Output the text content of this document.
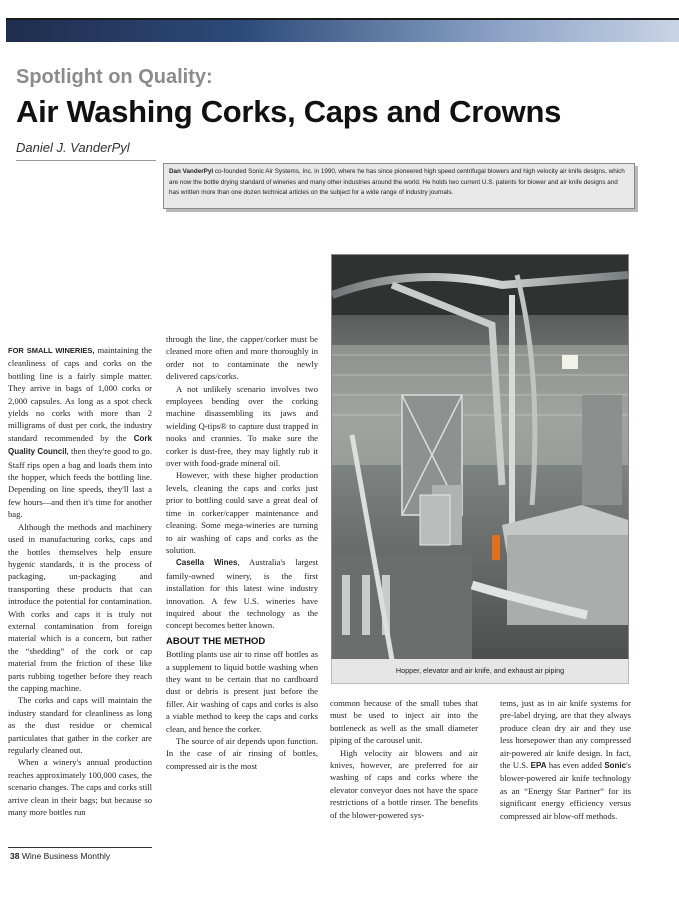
Spotlight on Quality:
Air Washing Corks, Caps and Crowns
Daniel J. VanderPyl
Dan VanderPyl co-founded Sonic Air Systems, Inc. in 1990, where he has since pioneered high speed centrifugal blowers and high velocity air knife designs, which are now the bottle drying standard of wineries and many other industries around the world. He holds two current U.S. patents for blower and air knife designs and has written more than one dozen technical articles on the subject for a wide range of industry journals.

FOR SMALL WINERIES, maintaining the cleanliness of caps and corks on the bottling line is a fairly simple matter. They arrive in bags of 1,000 corks or 2,000 capsules. As long as a spot check yields no corks with more than 2 milligrams of dust per cork, the industry standard recommended by the Cork Quality Council, then they're good to go. Staff rips open a bag and loads them into the hopper, which feeds the bottling line. Depending on line speeds, they'll last a few hours—and then it's time for another bag.

Although the methods and machinery used in manufacturing corks, caps and the bottles themselves help ensure hygenic standards, it is the process of packaging, un-packaging and transporting these products that can introduce the potential for contamination. With corks and caps it is truly not external contamination from foreign material which is a concern, but rather the “shedding” of the cork or cap material from the friction of these like parts rubbing together before they reach the capping machine.

The corks and caps will maintain the industry standard for cleanliness as long as the dust residue or chemical particulates that gather in the corker are regularly cleaned out.

When a winery's annual production reaches approximately 100,000 cases, the scenario changes. The caps and corks still arrive clean in their bags; but because so many more bottles run

through the line, the capper/corker must be cleaned more often and more thoroughly in order not to contaminate the newly delivered caps/corks.

A not unlikely scenario involves two employees bending over the corking machine disassembling its jaws and wielding Q-tips® to capture dust trapped in nooks and crannies. To make sure the corker is dust-free, they may lightly rub it over with food-grade mineral oil.

However, with these higher production levels, cleaning the caps and corks just prior to bottling could save a great deal of time in corker/capper maintenance and cleaning. Some mega-wineries are turning to air washing of caps and corks as the solution.

Casella Wines, Australia's largest family-owned winery, is the first installation for this latest wine industry innovation. A few U.S. wineries have inquired about the technology as the concept becomes better known.

ABOUT THE METHOD

Bottling plants use air to rinse off bottles as a supplement to liquid bottle washing when they want to be certain that no cardboard dust or debris is present just before the filler. Air washing of caps and corks is also a viable method to keep the caps and corks clean, and hence the corker.

The source of air depends upon function. In the case of air rinsing of bottles, compressed air is the most

Hopper, elevator and air knife, and exhaust air piping

common because of the small tubes that must be used to inject air into the bottleneck as well as the small diameter piping of the carousel unit.

High velocity air blowers and air knives, however, are preferred for air washing of caps and corks where the elevator conveyor does not have the space restrictions of a bottle rinser. The benefits of the blower-powered sys-

tems, just as in air knife systems for pre-label drying, are that they always produce clean dry air and they use less horsepower than any compressed air-powered air knife design. In fact, the U.S. EPA has even added Sonic's blower-powered air knife technology as an “Energy Star Partner” for its significant energy efficiency versus compressed air blow-off methods.

38 Wine Business Monthly
